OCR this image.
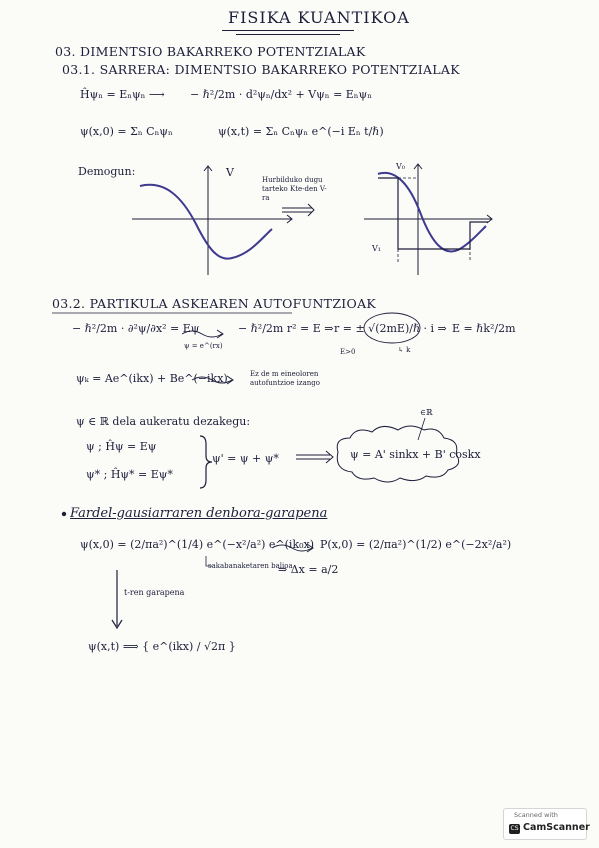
FISIKA KUANTIKOA
03. DIMENTSIO BAKARREKO POTENTZIALAK
03.1. SARRERA: DIMENTSIO BAKARREKO POTENTZIALAK
Ĥψₙ = Eₙψₙ ⟶ − ℏ²/2m · d²ψₙ/dx² + Vψₙ = Eₙψₙ
ψ(x,0) = Σₙ Cₙψₙ	ψ(x,t) = Σₙ Cₙψₙ e^(−i Eₙ t/ℏ)
Demogun:	V
Hurbilduko dugu tarteko Kte-den V-ra
V₀
V₁
03.2. PARTIKULA ASKEAREN AUTOFUNTZIOAK
− ℏ²/2m · ∂²ψ/∂x² = Eψ
ψ = e^(rx)
− ℏ²/2m r² = E ⇒ r = ± √(2mE)/ℏ · i ⇒ E = ℏk²/2m
E>0	↳ k
ψₖ = Ae^(ikx) + Be^(−ikx)	Ez de m eineoloren autofuntzioe izango
ψ ∈ ℝ dela aukeratu dezakegu:
ψ ; Ĥψ = Eψ
ψ* ; Ĥψ* = Eψ*
ψ' = ψ + ψ*	ψ = A' sinkx + B' coskx
∈ℝ
Fardel-gausiarraren denbora-garapena
ψ(x,0) = (2/πa²)^(1/4) e^(−x²/a²) e^(ik₀x) P(x,0) = (2/πa²)^(1/2) e^(−2x²/a²)
sakabanaketaren balioa
⇒ Δx = a/2
t-ren garapena
ψ(x,t) ⟹ { e^(ikx) / √2π }
Scanned with
CS CamScanner
